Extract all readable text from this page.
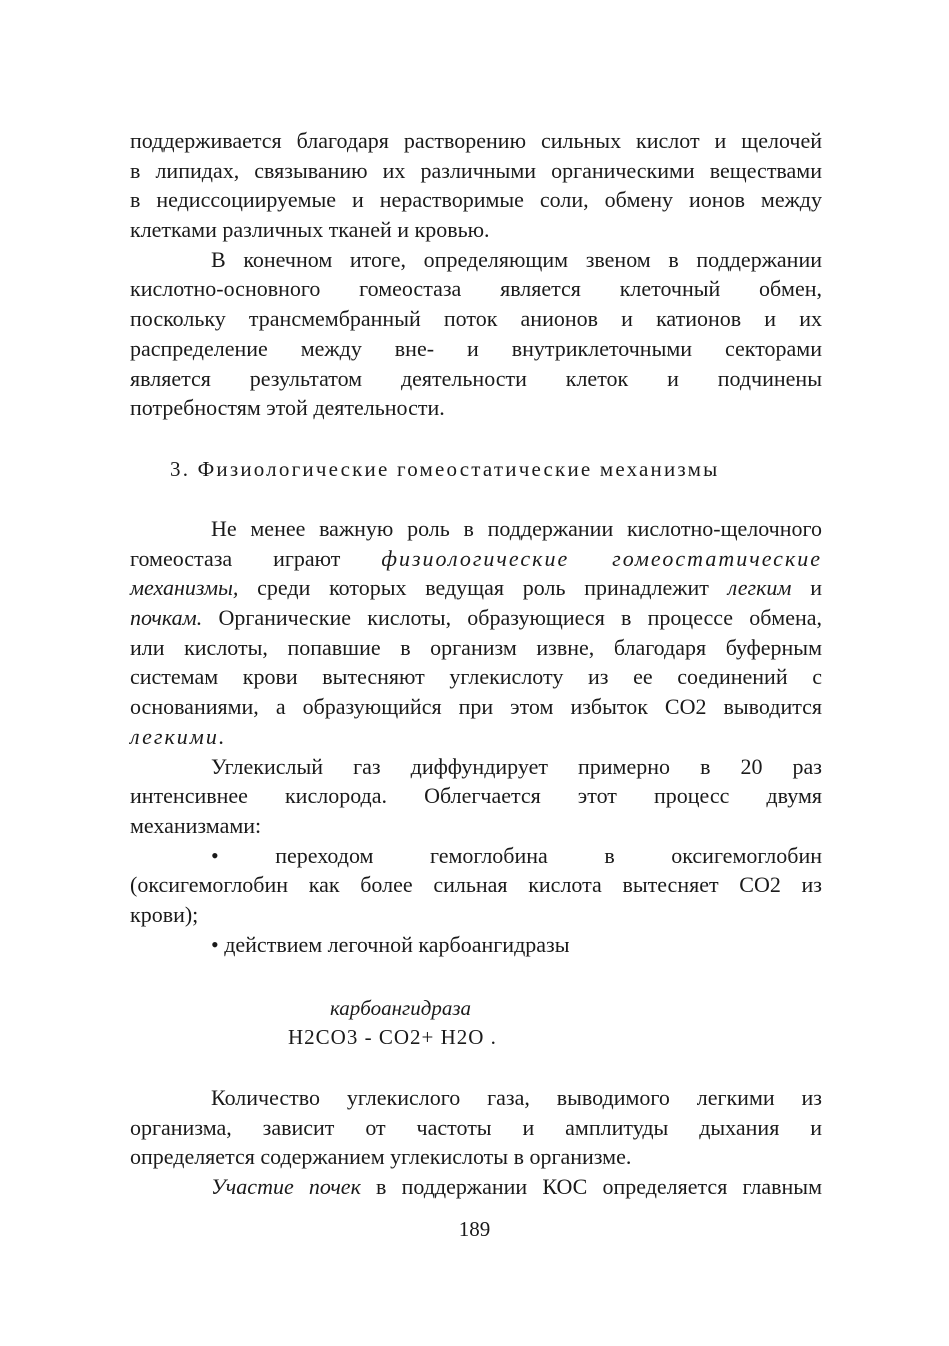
поддерживается благодаря растворению сильных кислот и щелочей
в липидах, связыванию их различными органическими веществами
в недиссоциируемые и нерастворимые соли, обмену ионов между
клетками различных тканей и кровью.
В конечном итоге, определяющим звеном в поддержании
кислотно-основного гомеостаза является клеточный обмен,
поскольку трансмембранный поток анионов и катионов и их
распределение между вне- и внутриклеточными секторами
является результатом деятельности клеток и подчинены
потребностям этой деятельности.
3. Физиологические гомеостатические механизмы
Не менее важную роль в поддержании кислотно-щелочного
гомеостаза играют физиологические гомеостатические
механизмы, среди которых ведущая роль принадлежит легким и
почкам. Органические кислоты, образующиеся в процессе обмена,
или кислоты, попавшие в организм извне, благодаря буферным
системам крови вытесняют углекислоту из ее соединений с
основаниями, а образующийся при этом избыток CO2 выводится
легкими.
Углекислый газ диффундирует примерно в 20 раз
интенсивнее кислорода. Облегчается этот процесс двумя
механизмами:
• переходом гемоглобина в оксигемоглобин
(оксигемоглобин как более сильная кислота вытесняет CO2 из
крови);
• действием легочной карбоангидразы
карбоангидраза
H2CO3 - CO2+ H2O .
Количество углекислого газа, выводимого легкими из
организма, зависит от частоты и амплитуды дыхания и
определяется содержанием углекислоты в организме.
Участие почек в поддержании КОС определяется главным
189
